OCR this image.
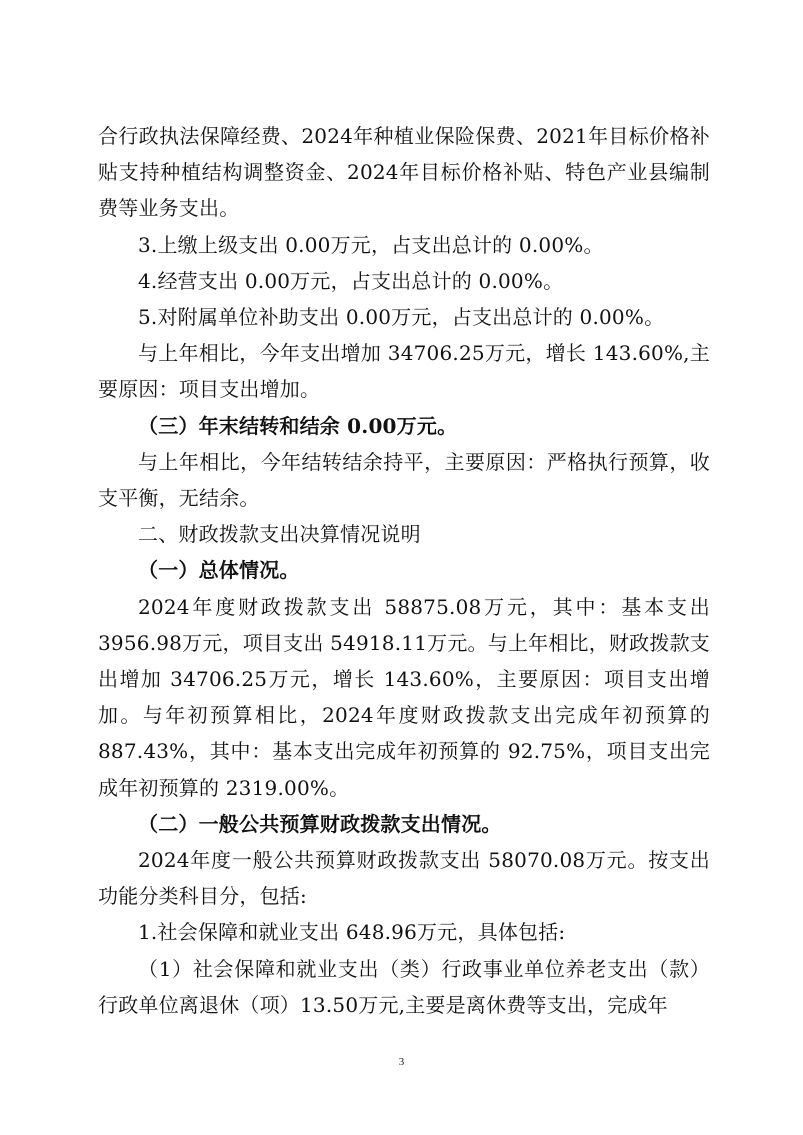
合行政执法保障经费、2024年种植业保险保费、2021年目标价格补贴支持种植结构调整资金、2024年目标价格补贴、特色产业县编制费等业务支出。

3.上缴上级支出 0.00万元，占支出总计的 0.00%。

4.经营支出 0.00万元，占支出总计的 0.00%。

5.对附属单位补助支出 0.00万元，占支出总计的 0.00%。

与上年相比，今年支出增加 34706.25万元，增长 143.60%,主要原因：项目支出增加。

（三）年末结转和结余 0.00万元。

与上年相比，今年结转结余持平，主要原因：严格执行预算，收支平衡，无结余。

二、财政拨款支出决算情况说明

（一）总体情况。

2024年度财政拨款支出 58875.08万元，其中：基本支出 3956.98万元，项目支出 54918.11万元。与上年相比，财政拨款支出增加 34706.25万元，增长 143.60%，主要原因：项目支出增加。与年初预算相比，2024年度财政拨款支出完成年初预算的 887.43%，其中：基本支出完成年初预算的 92.75%，项目支出完成年初预算的 2319.00%。

（二）一般公共预算财政拨款支出情况。

2024年度一般公共预算财政拨款支出 58070.08万元。按支出功能分类科目分，包括:

1.社会保障和就业支出 648.96万元，具体包括:

（1）社会保障和就业支出（类）行政事业单位养老支出（款）行政单位离退休（项）13.50万元,主要是离休费等支出，完成年

3
